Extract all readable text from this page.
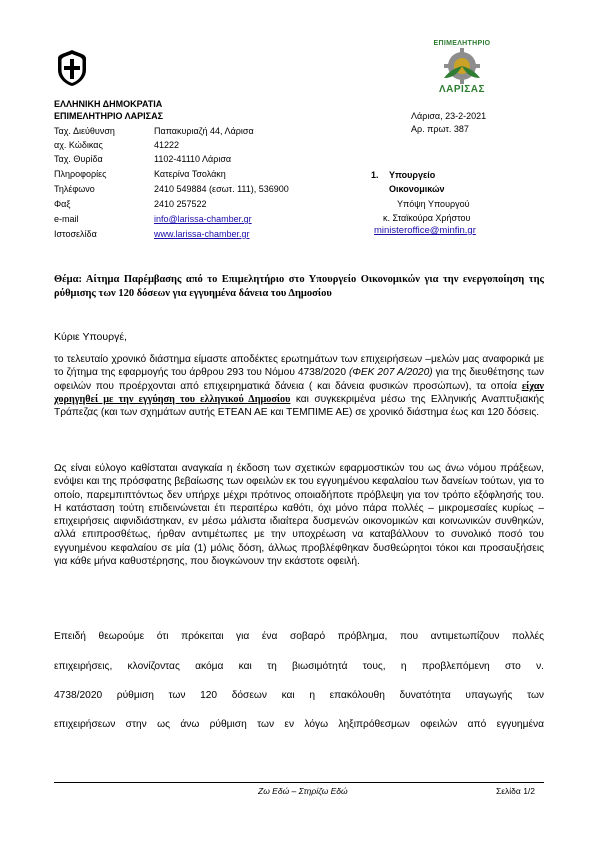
ΕΠΙΜΕΛΗΤΗΡΙΟ
ΛΑΡΙΣΑΣ
ΕΛΛΗΝΙΚΗ ΔΗΜΟΚΡΑΤΙΑ
ΕΠΙΜΕΛΗΤΗΡΙΟ ΛΑΡΙΣΑΣ	Λάρισα, 23-2-2021
Αρ. πρωτ. 387
Ταχ. Διεύθυνση	Παπακυριαζή 44, Λάρισα
αχ. Κώδικας	41222
Ταχ. Θυρίδα	1102-41110 Λάρισα
Πληροφορίες	Κατερίνα Τσολάκη
Τηλέφωνο	2410 549884 (εσωτ. 111), 536900
Φαξ	2410 257522
e-mail	info@larissa-chamber.gr
Ιστοσελίδα	www.larissa-chamber.gr
1. Υπουργείο
Οικονομικών
Υπόψη Υπουργού
κ. Σταϊκούρα Χρήστου
ministeroffice@minfin.gr
Θέμα: Αίτημα Παρέμβασης από το Επιμελητήριο στο Υπουργείο Οικονομικών για την ενεργοποίηση της ρύθμισης των 120 δόσεων για εγγυημένα δάνεια του Δημοσίου
Κύριε Υπουργέ,
το τελευταίο χρονικό διάστημα είμαστε αποδέκτες ερωτημάτων των επιχειρήσεων –μελών μας αναφορικά με το ζήτημα της εφαρμογής του άρθρου 293 του Νόμου 4738/2020 (ΦΕΚ 207 Α/2020) για της διευθέτησης των οφειλών που προέρχονται από επιχειρηματικά δάνεια ( και δάνεια φυσικών προσώπων), τα οποία είχαν χορηγηθεί με την εγγύηση του ελληνικού Δημοσίου και συγκεκριμένα μέσω της Ελληνικής Αναπτυξιακής Τράπεζας (και των σχημάτων αυτής ΕΤΕΑΝ ΑΕ και ΤΕΜΠΙΜΕ ΑΕ) σε χρονικό διάστημα έως και 120 δόσεις.
Ως είναι εύλογο καθίσταται αναγκαία η έκδοση των σχετικών εφαρμοστικών του ως άνω νόμου πράξεων, ενόψει και της πρόσφατης βεβαίωσης των οφειλών εκ του εγγυημένου κεφαλαίου των δανείων τούτων, για το οποίο, παρεμπιπτόντως δεν υπήρχε μέχρι πρότινος οποιαδήποτε πρόβλεψη για τον τρόπο εξόφλησής του. Η κατάσταση τούτη επιδεινώνεται έτι περαιτέρω καθότι, όχι μόνο πάρα πολλές – μικρομεσαίες κυρίως – επιχειρήσεις αιφνιδιάστηκαν, εν μέσω μάλιστα ιδιαίτερα δυσμενών οικονομικών και κοινωνικών συνθηκών, αλλά επιπροσθέτως, ήρθαν αντιμέτωπες με την υποχρέωση να καταβάλλουν το συνολικό ποσό του εγγυημένου κεφαλαίου σε μία (1) μόλις δόση, άλλως προβλέφθηκαν δυσθεώρητοι τόκοι και προσαυξήσεις για κάθε μήνα καθυστέρησης, που διογκώνουν την εκάστοτε οφειλή.
Επειδή θεωρούμε ότι πρόκειται για ένα σοβαρό πρόβλημα, που αντιμετωπίζουν πολλές
επιχειρήσεις, κλονίζοντας ακόμα και τη βιωσιμότητά τους, η προβλεπόμενη στο ν.
4738/2020 ρύθμιση των 120 δόσεων και η επακόλουθη δυνατότητα υπαγωγής των
επιχειρήσεων στην ως άνω ρύθμιση των εν λόγω ληξιπρόθεσμων οφειλών από εγγυημένα
Ζω Εδώ – Στηρίζω Εδώ	Σελίδα 1/2
